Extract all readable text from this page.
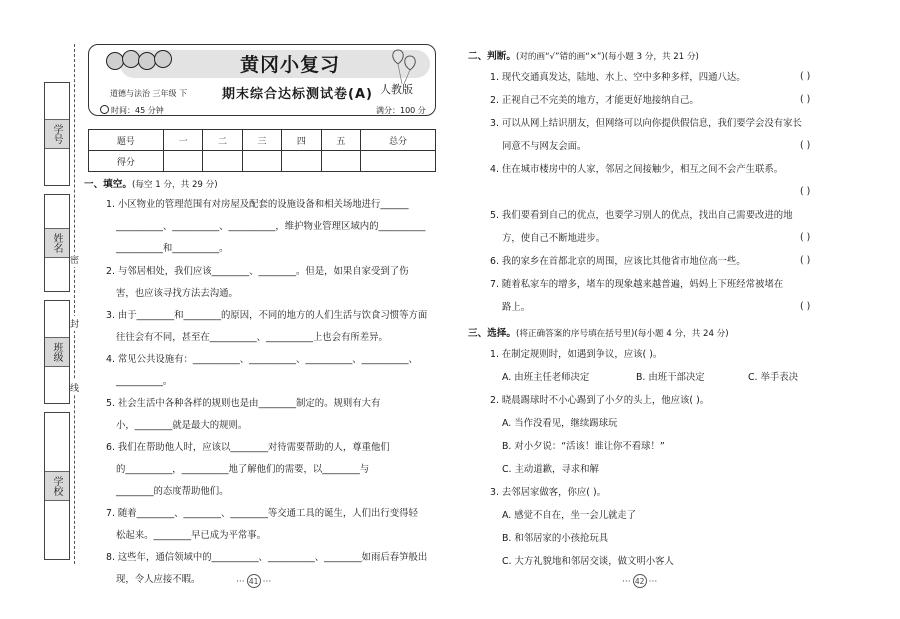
学号
姓名
班级
学校
密
封
线
黄冈小复习
道德与法治 三年级 下	期末综合达标测试卷(A) 人教版
时间：45 分钟	满分：100 分
题号	一	二	三	四	五	总分
得分						
一、填空。(每空 1 分，共 29 分)
1. 小区物业的管理范围有对房屋及配套的设施设备和相关场地进行______
__________、__________、__________，维护物业管理区域内的__________
__________和__________。
2. 与邻居相处，我们应该________、________。但是，如果自家受到了伤
害，也应该寻找方法去沟通。
3. 由于________和________的原因，不同的地方的人们生活与饮食习惯等方面
往往会有不同，甚至在__________、__________上也会有所差异。
4. 常见公共设施有：__________、__________、__________、__________、
__________。
5. 社会生活中各种各样的规则也是由________制定的。规则有大有
小，________就是最大的规则。
6. 我们在帮助他人时，应该以________对待需要帮助的人，尊重他们
的__________，__________地了解他们的需要，以________与
________的态度帮助他们。
7. 随着________、________、________等交通工具的诞生，人们出行变得轻
松起来。________早已成为平常事。
8. 这些年，通信领域中的__________、__________、________如雨后春笋般出
现，令人应接不暇。
二、判断。(对的画“√”错的画“×”)(每小题 3 分，共 21 分)
1. 现代交通真发达，陆地、水上、空中多种多样，四通八达。	( )
2. 正视自己不完美的地方，才能更好地接纳自己。	( )
3. 可以从网上结识朋友，但网络可以向你提供假信息，我们要学会没有家长
同意不与网友会面。	( )
4. 住在城市楼房中的人家，邻居之间接触少，相互之间不会产生联系。
( )
5. 我们要看到自己的优点，也要学习别人的优点，找出自己需要改进的地
方，使自己不断地进步。	( )
6. 我的家乡在首都北京的周围，应该比其他省市地位高一些。	( )
7. 随着私家车的增多，堵车的现象越来越普遍，妈妈上下班经常被堵在
路上。	( )
三、选择。(将正确答案的序号填在括号里)(每小题 4 分，共 24 分)
1. 在制定规则时，如遇到争议，应该( )。
A. 由班主任老师决定	B. 由班干部决定	C. 举手表决
2. 晓晨踢球时不小心踢到了小夕的头上，他应该( )。
A. 当作没看见，继续踢球玩
B. 对小夕说：“活该！谁让你不看球！”
C. 主动道歉，寻求和解
3. 去邻居家做客，你应( )。
A. 感觉不自在，坐一会儿就走了
B. 和邻居家的小孩抢玩具
C. 大方礼貌地和邻居交谈，做文明小客人
··· 41 ···	··· 42 ···
